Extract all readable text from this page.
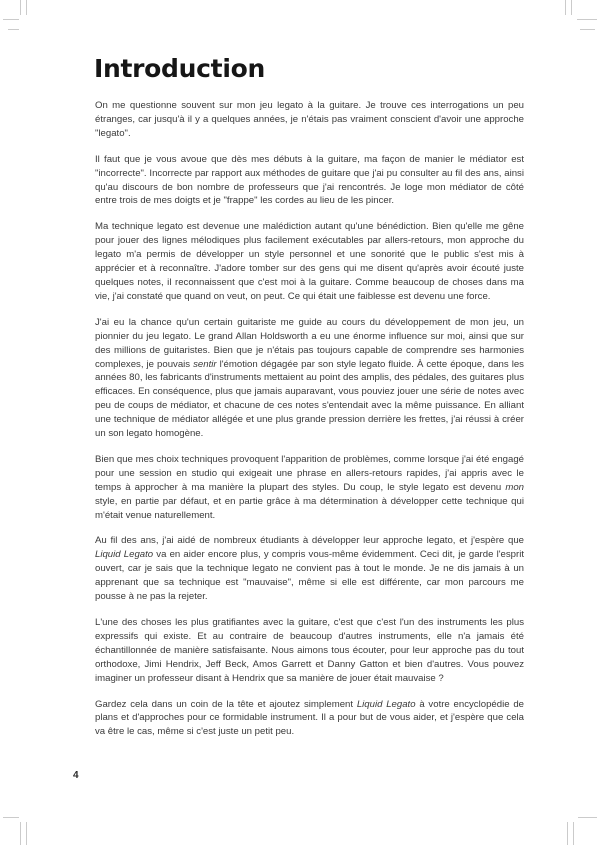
Introduction

On me questionne souvent sur mon jeu legato à la guitare. Je trouve ces interrogations un peu étranges, car jusqu'à il y a quelques années, je n'étais pas vraiment conscient d'avoir une approche "legato".

Il faut que je vous avoue que dès mes débuts à la guitare, ma façon de manier le médiator est "incorrecte". Incorrecte par rapport aux méthodes de guitare que j'ai pu consulter au fil des ans, ainsi qu'au discours de bon nombre de professeurs que j'ai rencontrés. Je loge mon médiator de côté entre trois de mes doigts et je "frappe" les cordes au lieu de les pincer.

Ma technique legato est devenue une malédiction autant qu'une bénédiction. Bien qu'elle me gêne pour jouer des lignes mélodiques plus facilement exécutables par allers-retours, mon approche du legato m'a permis de développer un style personnel et une sonorité que le public s'est mis à apprécier et à reconnaître. J'adore tomber sur des gens qui me disent qu'après avoir écouté juste quelques notes, il reconnaissent que c'est moi à la guitare. Comme beaucoup de choses dans ma vie, j'ai constaté que quand on veut, on peut. Ce qui était une faiblesse est devenu une force.

J'ai eu la chance qu'un certain guitariste me guide au cours du développement de mon jeu, un pionnier du jeu legato. Le grand Allan Holdsworth a eu une énorme influence sur moi, ainsi que sur des millions de guitaristes. Bien que je n'étais pas toujours capable de comprendre ses harmonies complexes, je pouvais sentir l'émotion dégagée par son style legato fluide. À cette époque, dans les années 80, les fabricants d'instruments mettaient au point des amplis, des pédales, des guitares plus efficaces. En conséquence, plus que jamais auparavant, vous pouviez jouer une série de notes avec peu de coups de médiator, et chacune de ces notes s'entendait avec la même puissance. En alliant une technique de médiator allégée et une plus grande pression derrière les frettes, j'ai réussi à créer un son legato homogène.

Bien que mes choix techniques provoquent l'apparition de problèmes, comme lorsque j'ai été engagé pour une session en studio qui exigeait une phrase en allers-retours rapides, j'ai appris avec le temps à approcher à ma manière la plupart des styles. Du coup, le style legato est devenu mon style, en partie par défaut, et en partie grâce à ma détermination à développer cette technique qui m'était venue naturellement.

Au fil des ans, j'ai aidé de nombreux étudiants à développer leur approche legato, et j'espère que Liquid Legato va en aider encore plus, y compris vous-même évidemment. Ceci dit, je garde l'esprit ouvert, car je sais que la technique legato ne convient pas à tout le monde. Je ne dis jamais à un apprenant que sa technique est "mauvaise", même si elle est différente, car mon parcours me pousse à ne pas la rejeter.

L'une des choses les plus gratifiantes avec la guitare, c'est que c'est l'un des instruments les plus expressifs qui existe. Et au contraire de beaucoup d'autres instruments, elle n'a jamais été échantillonnée de manière satisfaisante. Nous aimons tous écouter, pour leur approche pas du tout orthodoxe, Jimi Hendrix, Jeff Beck, Amos Garrett et Danny Gatton et bien d'autres. Vous pouvez imaginer un professeur disant à Hendrix que sa manière de jouer était mauvaise ?

Gardez cela dans un coin de la tête et ajoutez simplement Liquid Legato à votre encyclopédie de plans et d'approches pour ce formidable instrument. Il a pour but de vous aider, et j'espère que cela va être le cas, même si c'est juste un petit peu.

4
